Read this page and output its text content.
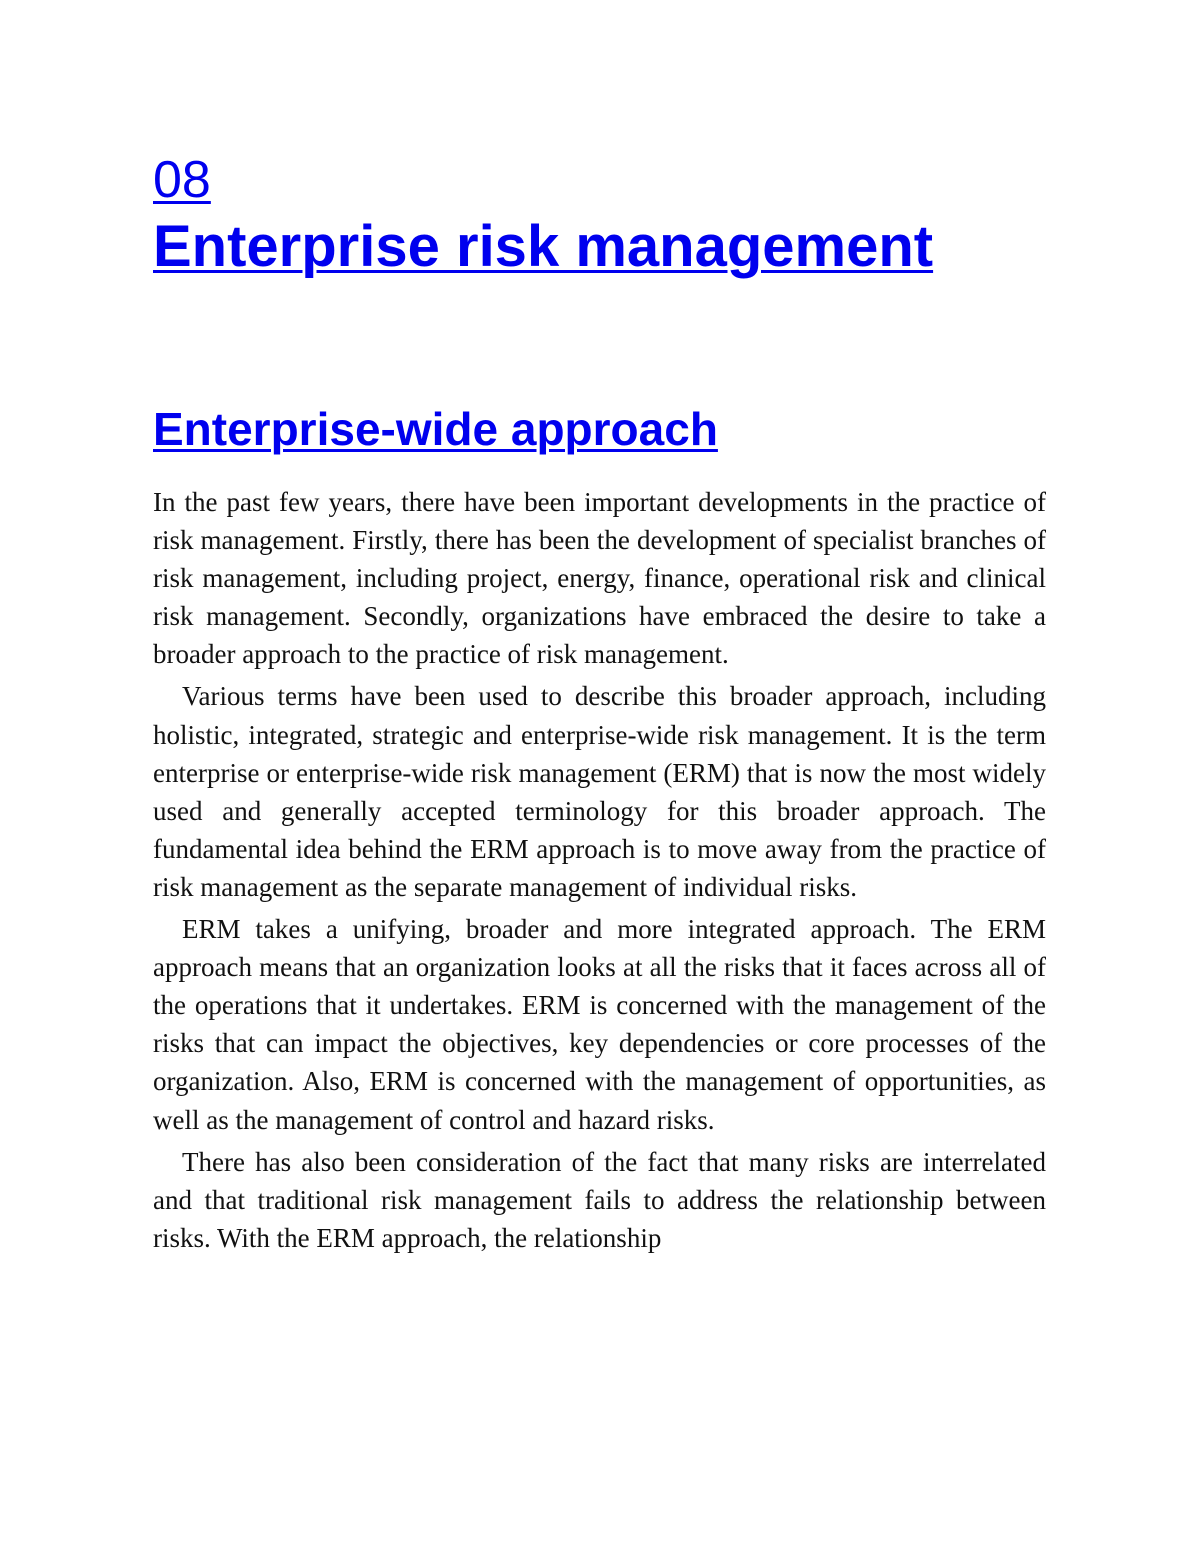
08
Enterprise risk management
Enterprise-wide approach

In the past few years, there have been important developments in the practice of risk management. Firstly, there has been the development of specialist branches of risk management, including project, energy, finance, operational risk and clinical risk management. Secondly, organizations have embraced the desire to take a broader approach to the practice of risk management.

Various terms have been used to describe this broader approach, including holistic, integrated, strategic and enterprise-wide risk management. It is the term enterprise or enterprise-wide risk management (ERM) that is now the most widely used and generally accepted terminology for this broader approach. The fundamental idea behind the ERM approach is to move away from the practice of risk management as the separate management of individual risks.

ERM takes a unifying, broader and more integrated approach. The ERM approach means that an organization looks at all the risks that it faces across all of the operations that it undertakes. ERM is concerned with the management of the risks that can impact the objectives, key dependencies or core processes of the organization. Also, ERM is concerned with the management of opportunities, as well as the management of control and hazard risks.

There has also been consideration of the fact that many risks are interrelated and that traditional risk management fails to address the relationship between risks. With the ERM approach, the relationship
